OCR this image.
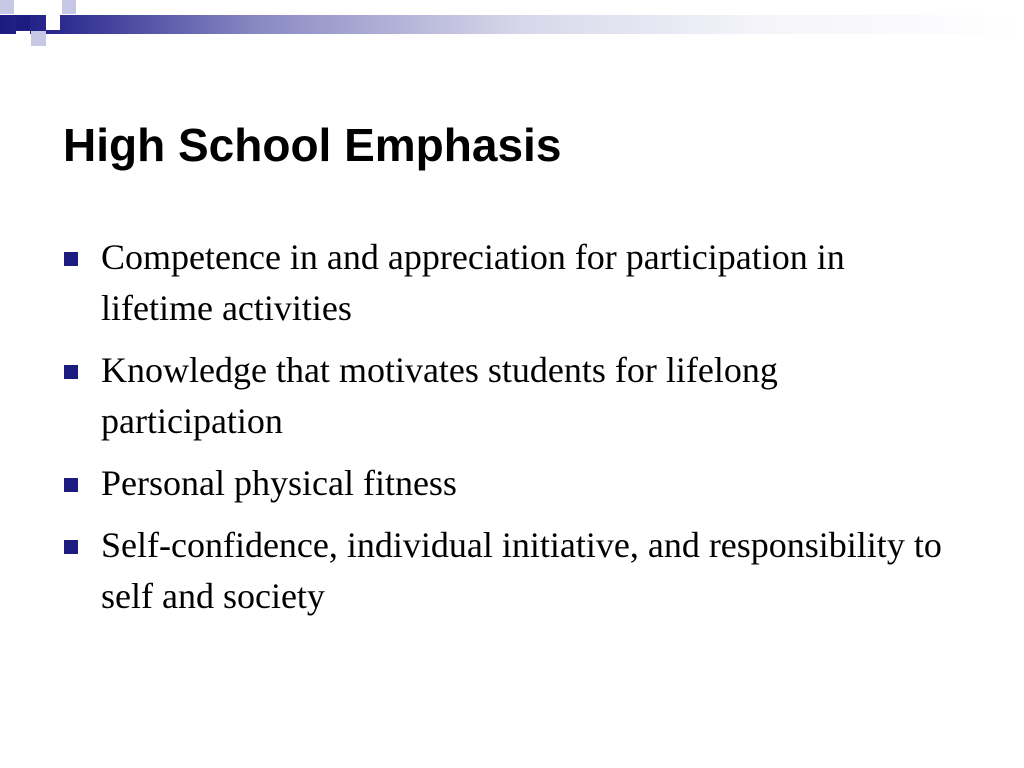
High School Emphasis
Competence in and appreciation for participation in lifetime activities
Knowledge that motivates students for lifelong participation
Personal physical fitness
Self-confidence, individual initiative, and responsibility to self and society
